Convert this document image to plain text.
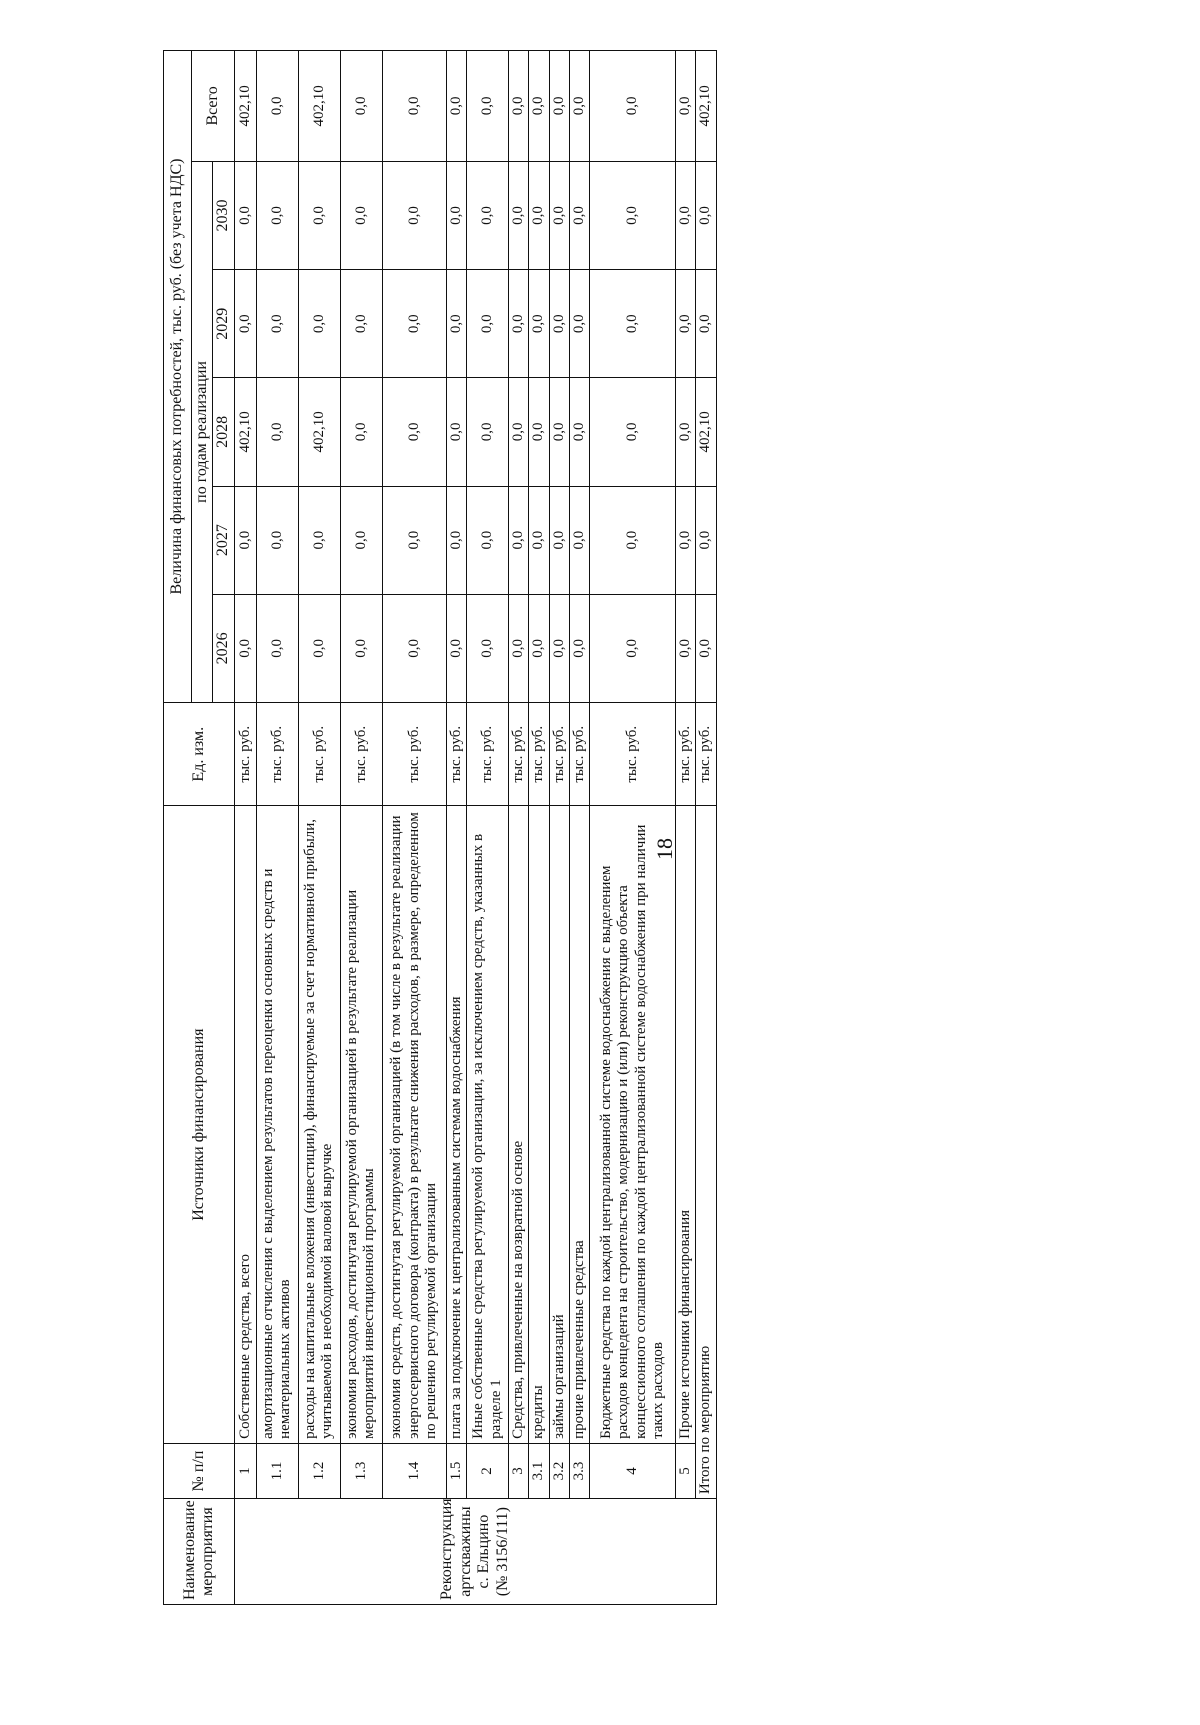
18
Наименование мероприятия	№ п/п	Источники финансирования	Ед. изм.	Величина финансовых потребностей, тыс. руб. (без учета НДС)					
				по годам реализации					Всего
				2026	2027	2028	2029	2030	
Реконструкция артскважины с. Ельцино (№ 3156/111)	1	Собственные средства, всего	тыс. руб.	0,0	0,0	402,10	0,0	0,0	402,10
	1.1	амортизационные отчисления с выделением результатов переоценки основных средств и нематериальных активов	тыс. руб.	0,0	0,0	0,0	0,0	0,0	0,0
	1.2	расходы на капитальные вложения (инвестиции), финансируемые за счет нормативной прибыли, учитываемой в необходимой валовой выручке	тыс. руб.	0,0	0,0	402,10	0,0	0,0	402,10
	1.3	экономия расходов, достигнутая регулируемой организацией в результате реализации мероприятий инвестиционной программы	тыс. руб.	0,0	0,0	0,0	0,0	0,0	0,0
	1.4	экономия средств, достигнутая регулируемой организацией (в том числе в результате реализации энергосервисного договора (контракта) в результате снижения расходов, в размере, определенном по решению регулируемой организации	тыс. руб.	0,0	0,0	0,0	0,0	0,0	0,0
	1.5	плата за подключение к централизованным системам водоснабжения	тыс. руб.	0,0	0,0	0,0	0,0	0,0	0,0
	2	Иные собственные средства регулируемой организации, за исключением средств, указанных в разделе 1	тыс. руб.	0,0	0,0	0,0	0,0	0,0	0,0
	3	Средства, привлеченные на возвратной основе	тыс. руб.	0,0	0,0	0,0	0,0	0,0	0,0
	3.1	кредиты	тыс. руб.	0,0	0,0	0,0	0,0	0,0	0,0
	3.2	займы организаций	тыс. руб.	0,0	0,0	0,0	0,0	0,0	0,0
	3.3	прочие привлеченные средства	тыс. руб.	0,0	0,0	0,0	0,0	0,0	0,0
	4	Бюджетные средства по каждой централизованной системе водоснабжения с выделением расходов концедента на строительство, модернизацию и (или) реконструкцию объекта концессионного соглашения по каждой централизованной системе водоснабжения при наличии таких расходов	тыс. руб.	0,0	0,0	0,0	0,0	0,0	0,0
	5	Прочие источники финансирования	тыс. руб.	0,0	0,0	0,0	0,0	0,0	0,0
	Итого по мероприятию		тыс. руб.	0,0	0,0	402,10	0,0	0,0	402,10
